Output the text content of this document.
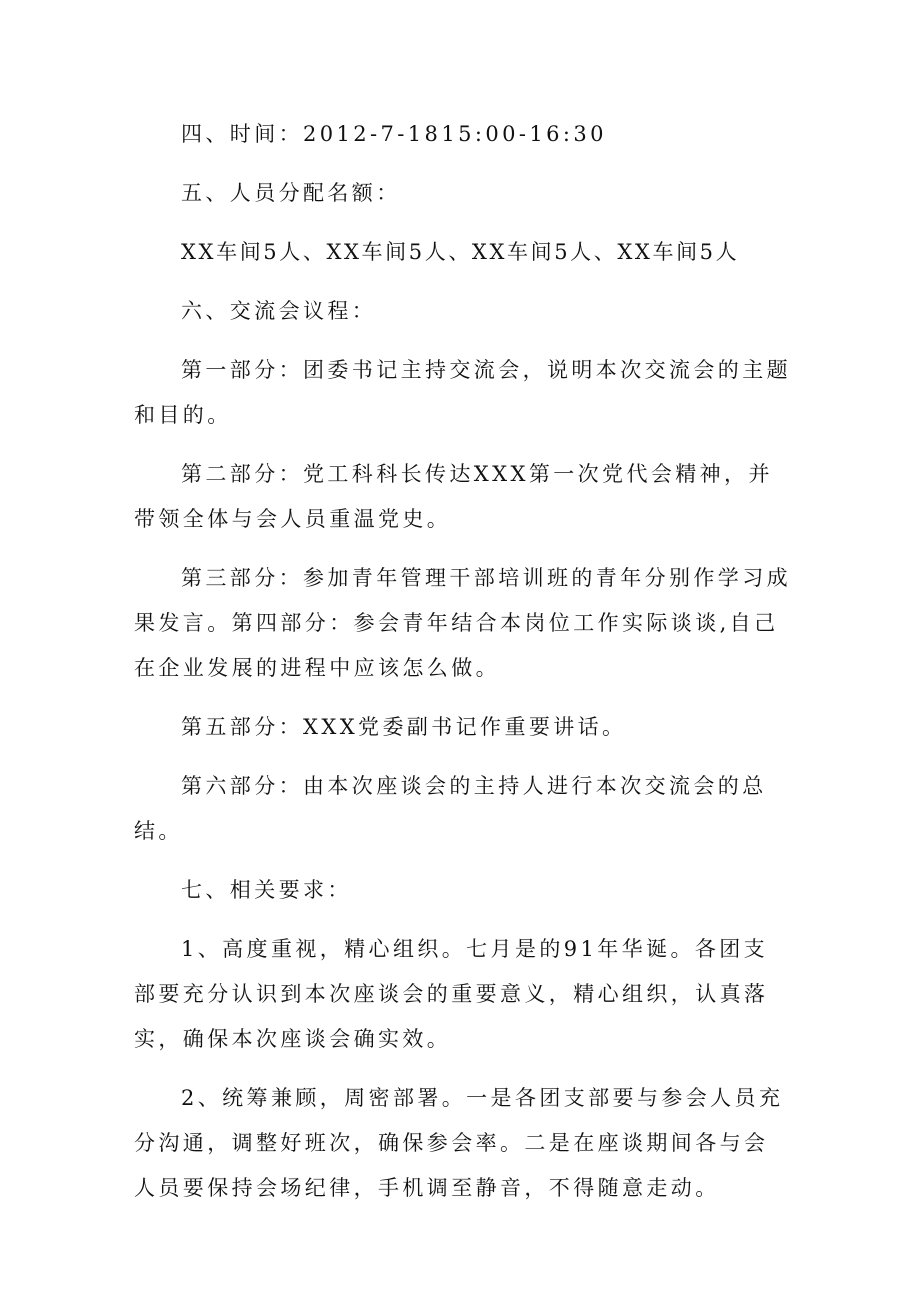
四、时间：2012-7-1815:00-16:30

五、人员分配名额：

XX车间5人、XX车间5人、XX车间5人、XX车间5人

六、交流会议程：

第一部分：团委书记主持交流会，说明本次交流会的主题和目的。

第二部分：党工科科长传达XXX第一次党代会精神，并带领全体与会人员重温党史。

第三部分：参加青年管理干部培训班的青年分别作学习成果发言。第四部分：参会青年结合本岗位工作实际谈谈,自己在企业发展的进程中应该怎么做。

第五部分：XXX党委副书记作重要讲话。

第六部分：由本次座谈会的主持人进行本次交流会的总结。

七、相关要求：

1、高度重视，精心组织。七月是的91年华诞。各团支部要充分认识到本次座谈会的重要意义，精心组织，认真落实，确保本次座谈会确实效。

2、统筹兼顾，周密部署。一是各团支部要与参会人员充分沟通，调整好班次，确保参会率。二是在座谈期间各与会人员要保持会场纪律，手机调至静音，不得随意走动。
